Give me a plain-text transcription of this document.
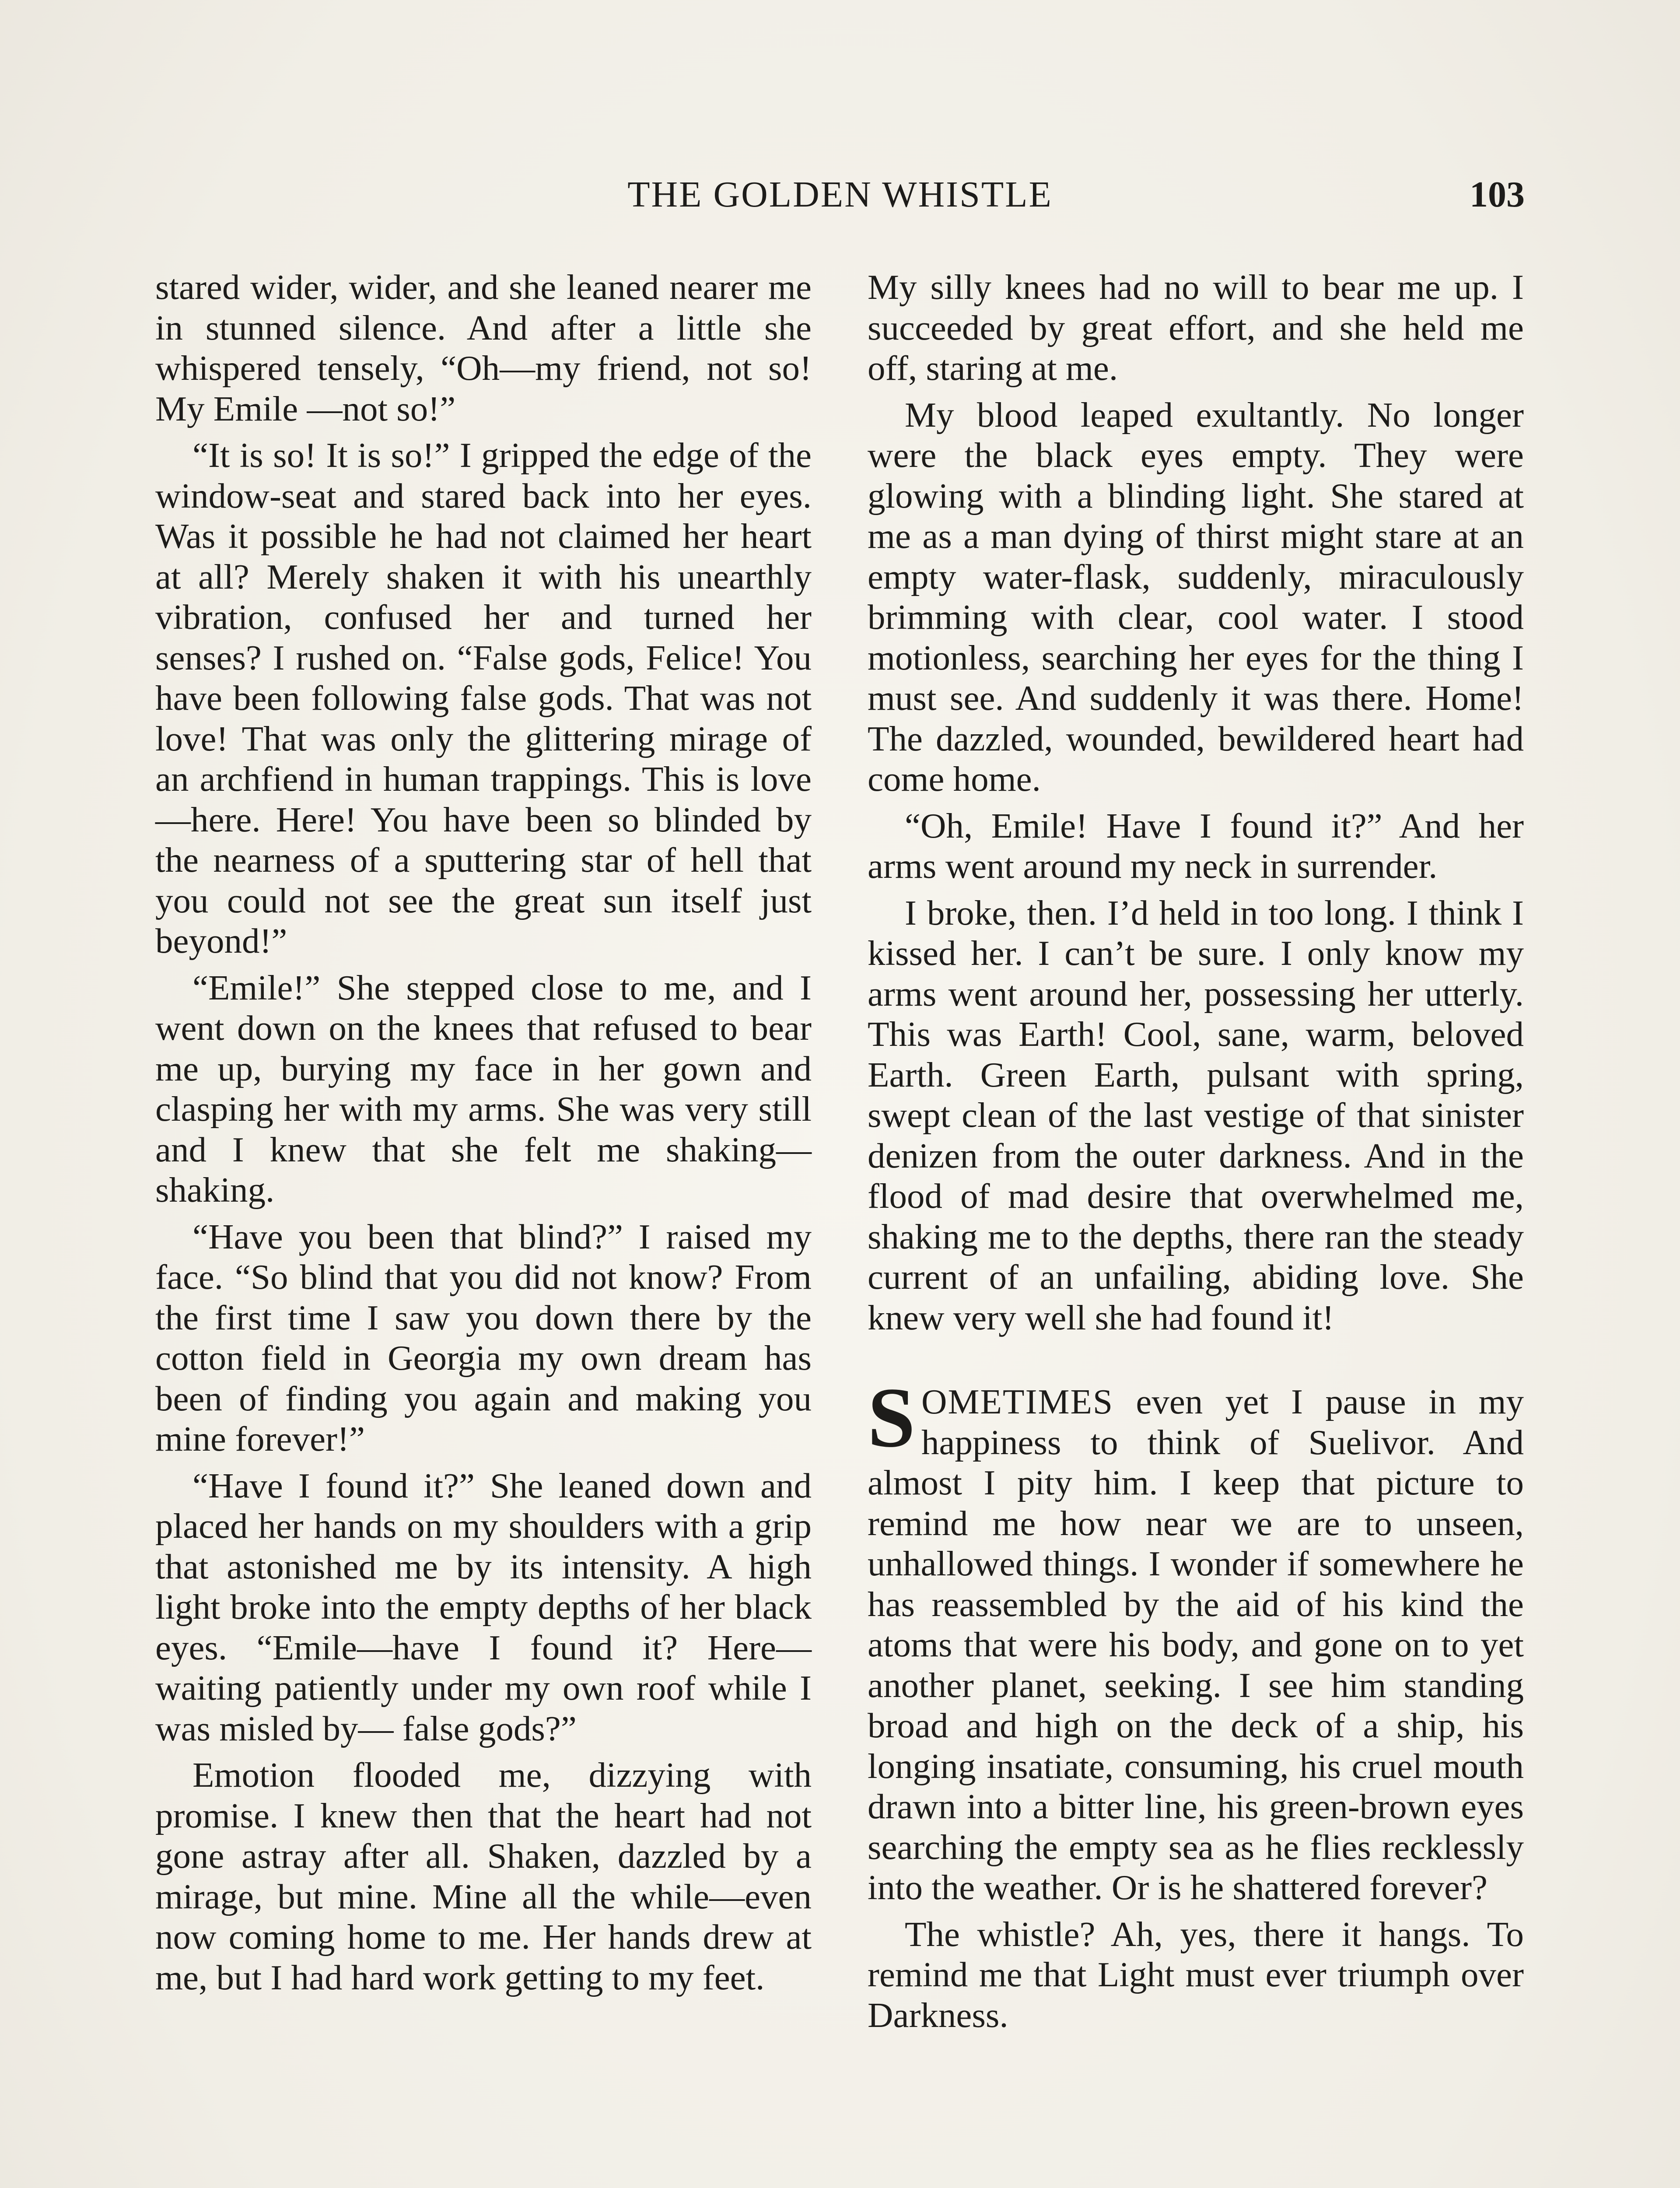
THE GOLDEN WHISTLE	103

stared wider, wider, and she leaned nearer me in stunned silence. And after a little she whispered tensely, “Oh—my friend, not so! My Emile —not so!”

“It is so! It is so!” I gripped the edge of the window-seat and stared back into her eyes. Was it possible he had not claimed her heart at all? Merely shaken it with his unearthly vibration, confused her and turned her senses? I rushed on. “False gods, Felice! You have been following false gods. That was not love! That was only the glittering mirage of an archfiend in human trappings. This is love—here. Here! You have been so blinded by the nearness of a sputtering star of hell that you could not see the great sun itself just beyond!”

“Emile!” She stepped close to me, and I went down on the knees that refused to bear me up, burying my face in her gown and clasping her with my arms. She was very still and I knew that she felt me shaking—shaking.

“Have you been that blind?” I raised my face. “So blind that you did not know? From the first time I saw you down there by the cotton field in Georgia my own dream has been of finding you again and making you mine forever!”

“Have I found it?” She leaned down and placed her hands on my shoulders with a grip that astonished me by its intensity. A high light broke into the empty depths of her black eyes. “Emile—have I found it? Here—waiting patiently under my own roof while I was misled by— false gods?”

Emotion flooded me, dizzying with promise. I knew then that the heart had not gone astray after all. Shaken, dazzled by a mirage, but mine. Mine all the while—even now coming home to me. Her hands drew at me, but I had hard work getting to my feet.

My silly knees had no will to bear me up. I succeeded by great effort, and she held me off, staring at me.

My blood leaped exultantly. No longer were the black eyes empty. They were glowing with a blinding light. She stared at me as a man dying of thirst might stare at an empty water-flask, suddenly, miraculously brimming with clear, cool water. I stood motionless, searching her eyes for the thing I must see. And suddenly it was there. Home! The dazzled, wounded, bewildered heart had come home.

“Oh, Emile! Have I found it?” And her arms went around my neck in surrender.

I broke, then. I’d held in too long. I think I kissed her. I can’t be sure. I only know my arms went around her, possessing her utterly. This was Earth! Cool, sane, warm, beloved Earth. Green Earth, pulsant with spring, swept clean of the last vestige of that sinister denizen from the outer darkness. And in the flood of mad desire that overwhelmed me, shaking me to the depths, there ran the steady current of an unfailing, abiding love. She knew very well she had found it!

SOMETIMES even yet I pause in my happiness to think of Suelivor. And almost I pity him. I keep that picture to remind me how near we are to unseen, unhallowed things. I wonder if somewhere he has reassembled by the aid of his kind the atoms that were his body, and gone on to yet another planet, seeking. I see him standing broad and high on the deck of a ship, his longing insatiate, consuming, his cruel mouth drawn into a bitter line, his green-brown eyes searching the empty sea as he flies recklessly into the weather. Or is he shattered forever?

The whistle? Ah, yes, there it hangs. To remind me that Light must ever triumph over Darkness.
